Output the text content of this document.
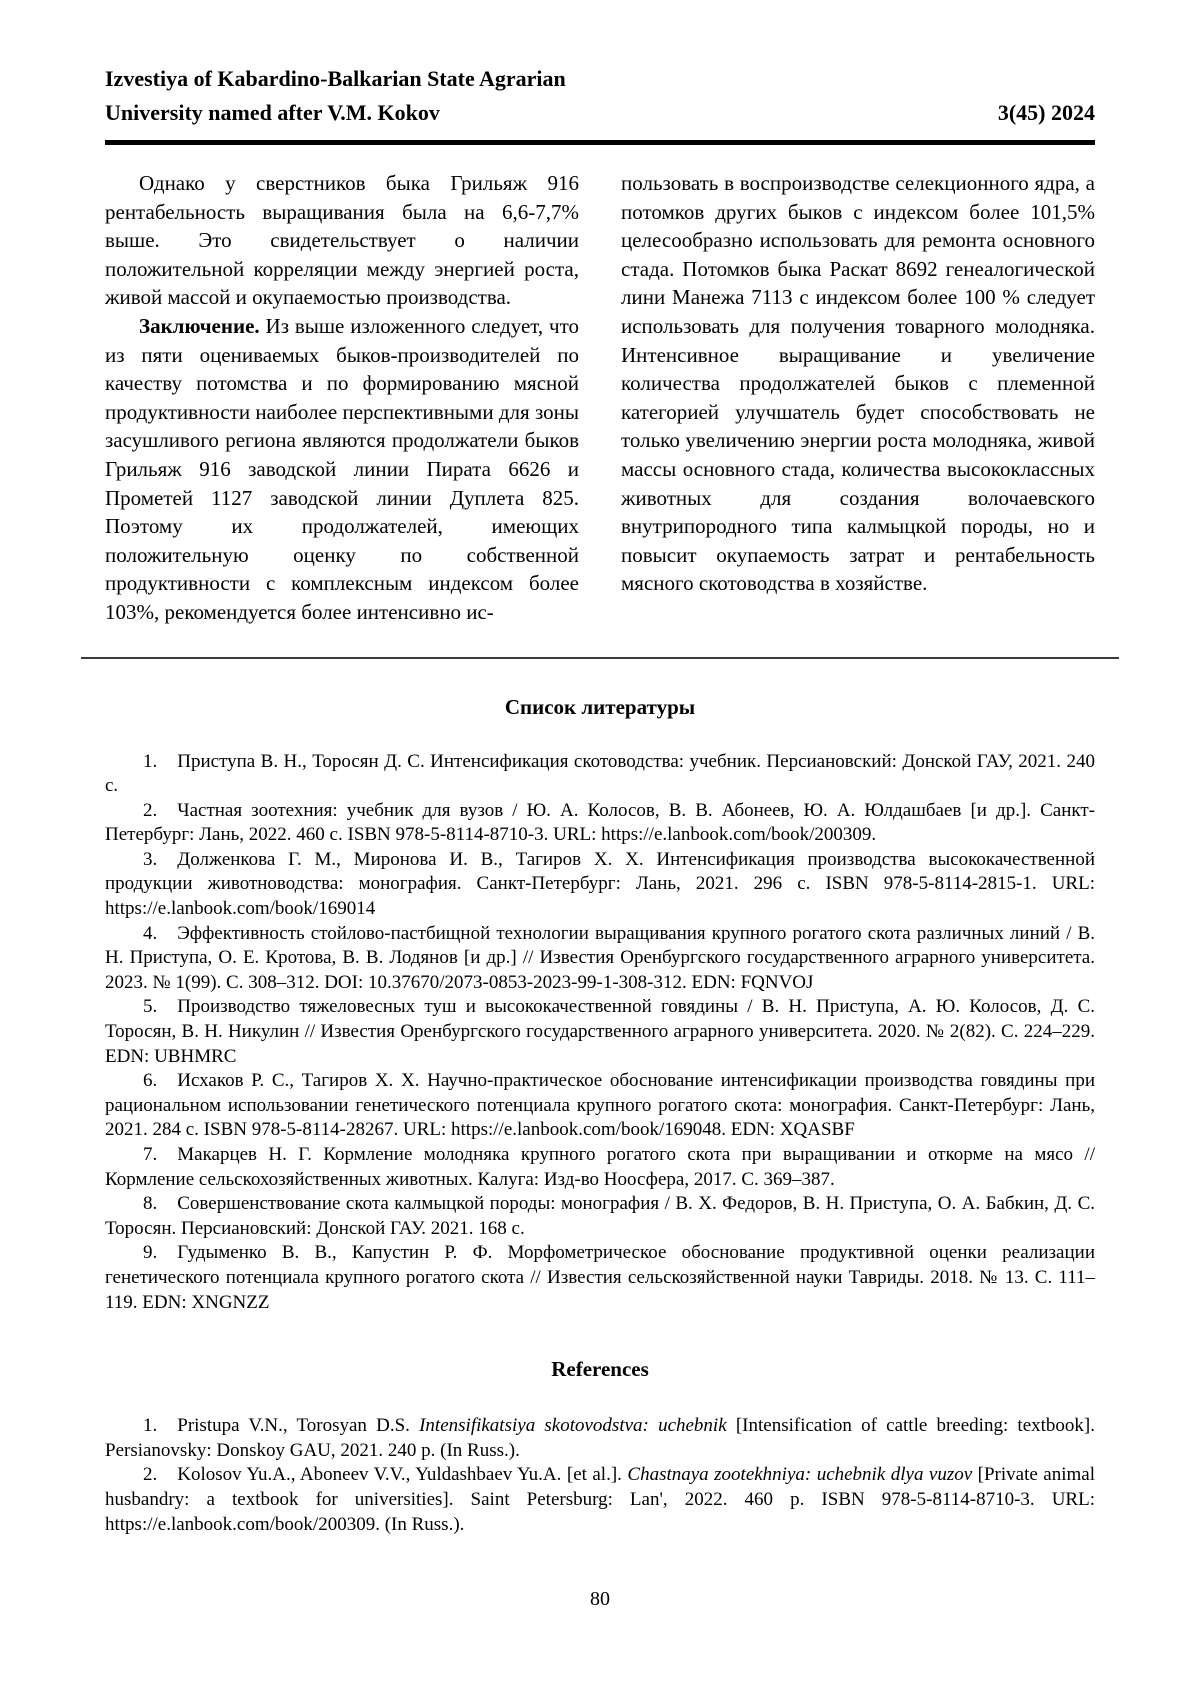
Izvestiya of Kabardino-Balkarian State Agrarian
University named after V.M. Kokov	3(45) 2024

Однако у сверстников быка Грильяж 916 рентабельность выращивания была на 6,6-7,7% выше. Это свидетельствует о наличии положительной корреляции между энергией роста, живой массой и окупаемостью производства.

Заключение. Из выше изложенного следует, что из пяти оцениваемых быков-производителей по качеству потомства и по формированию мясной продуктивности наиболее перспективными для зоны засушливого региона являются продолжатели быков Грильяж 916 заводской линии Пирата 6626 и Прометей 1127 заводской линии Дуплета 825. Поэтому их продолжателей, имеющих положительную оценку по собственной продуктивности с комплексным индексом более 103%, рекомендуется более интенсивно ис-

пользовать в воспроизводстве селекционного ядра, а потомков других быков с индексом более 101,5% целесообразно использовать для ремонта основного стада. Потомков быка Раскат 8692 генеалогической лини Манежа 7113 с индексом более 100 % следует использовать для получения товарного молодняка. Интенсивное выращивание и увеличение количества продолжателей быков с племенной категорией улучшатель будет способствовать не только увеличению энергии роста молодняка, живой массы основного стада, количества высококлассных животных для создания волочаевского внутрипородного типа калмыцкой породы, но и повысит окупаемость затрат и рентабельность мясного скотоводства в хозяйстве.

Список литературы

1. Приступа В. Н., Торосян Д. С. Интенсификация скотоводства: учебник. Персиановский: Донской ГАУ, 2021. 240 с.

2. Частная зоотехния: учебник для вузов / Ю. А. Колосов, В. В. Абонеев, Ю. А. Юлдашбаев [и др.]. Санкт-Петербург: Лань, 2022. 460 с. ISBN 978-5-8114-8710-3. URL: https://e.lanbook.com/book/200309.

3. Долженкова Г. М., Миронова И. В., Тагиров Х. Х. Интенсификация производства высококачественной продукции животноводства: монография. Санкт-Петербург: Лань, 2021. 296 с. ISBN 978-5-8114-2815-1. URL: https://e.lanbook.com/book/169014

4. Эффективность стойлово-пастбищной технологии выращивания крупного рогатого скота различных линий / В. Н. Приступа, О. Е. Кротова, В. В. Лодянов [и др.] // Известия Оренбургского государственного аграрного университета. 2023. № 1(99). С. 308–312. DOI: 10.37670/2073-0853-2023-99-1-308-312. EDN: FQNVOJ

5. Производство тяжеловесных туш и высококачественной говядины / В. Н. Приступа, А. Ю. Колосов, Д. С. Торосян, В. Н. Никулин // Известия Оренбургского государственного аграрного университета. 2020. № 2(82). С. 224–229. EDN: UBHMRC

6. Исхаков Р. С., Тагиров Х. Х. Научно-практическое обоснование интенсификации производства говядины при рациональном использовании генетического потенциала крупного рогатого скота: монография. Санкт-Петербург: Лань, 2021. 284 с. ISBN 978-5-8114-28267. URL: https://e.lanbook.com/book/169048. EDN: XQASBF

7. Макарцев Н. Г. Кормление молодняка крупного рогатого скота при выращивании и откорме на мясо // Кормление сельскохозяйственных животных. Калуга: Изд-во Ноосфера, 2017. С. 369–387.

8. Совершенствование скота калмыцкой породы: монография / В. Х. Федоров, В. Н. Приступа, О. А. Бабкин, Д. С. Торосян. Персиановский: Донской ГАУ. 2021. 168 с.

9. Гудыменко В. В., Капустин Р. Ф. Морфометрическое обоснование продуктивной оценки реализации генетического потенциала крупного рогатого скота // Известия сельскозяйственной науки Тавриды. 2018. № 13. С. 111–119. EDN: XNGNZZ

References

1. Pristupa V.N., Torosyan D.S. Intensifikatsiya skotovodstva: uchebnik [Intensification of cattle breeding: textbook]. Persianovsky: Donskoy GAU, 2021. 240 p. (In Russ.).

2. Kolosov Yu.A., Aboneev V.V., Yuldashbaev Yu.A. [et al.]. Chastnaya zootekhniya: uchebnik dlya vuzov [Private animal husbandry: a textbook for universities]. Saint Petersburg: Lan', 2022. 460 p. ISBN 978-5-8114-8710-3. URL: https://e.lanbook.com/book/200309. (In Russ.).

80
